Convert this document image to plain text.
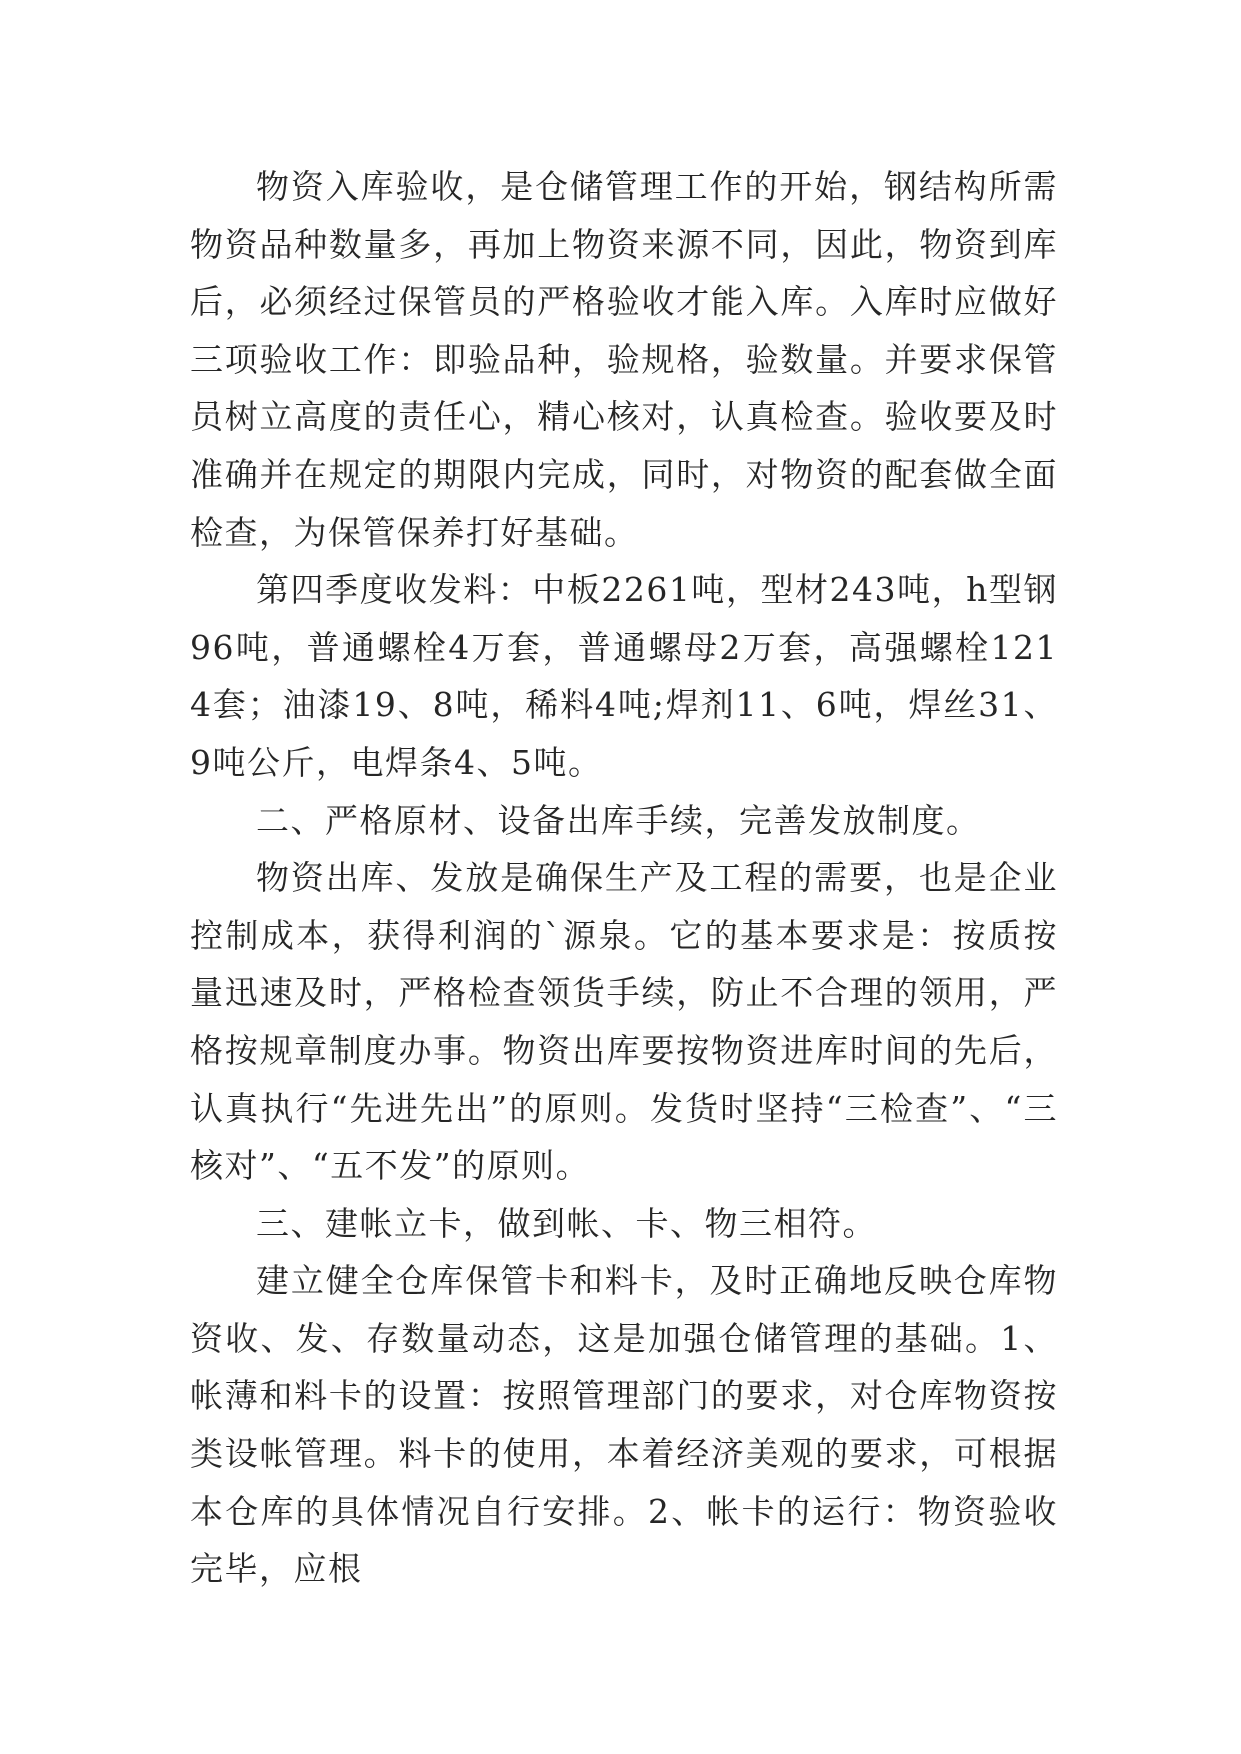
物资入库验收，是仓储管理工作的开始，钢结构所需物资品种数量多，再加上物资来源不同，因此，物资到库后，必须经过保管员的严格验收才能入库。入库时应做好三项验收工作：即验品种，验规格，验数量。并要求保管员树立高度的责任心，精心核对，认真检查。验收要及时准确并在规定的期限内完成，同时，对物资的配套做全面检查，为保管保养打好基础。

第四季度收发料：中板2261吨，型材243吨，h型钢96吨，普通螺栓4万套，普通螺母2万套，高强螺栓1214套；油漆19、8吨，稀料4吨;焊剂11、6吨，焊丝31、9吨公斤，电焊条4、5吨。

二、严格原材、设备出库手续，完善发放制度。

物资出库、发放是确保生产及工程的需要，也是企业控制成本，获得利润的`源泉。它的基本要求是：按质按量迅速及时，严格检查领货手续，防止不合理的领用，严格按规章制度办事。物资出库要按物资进库时间的先后，认真执行“先进先出”的原则。发货时坚持“三检查”、“三核对”、“五不发”的原则。

三、建帐立卡，做到帐、卡、物三相符。

建立健全仓库保管卡和料卡，及时正确地反映仓库物资收、发、存数量动态，这是加强仓储管理的基础。1、帐薄和料卡的设置：按照管理部门的要求，对仓库物资按类设帐管理。料卡的使用，本着经济美观的要求，可根据本仓库的具体情况自行安排。2、帐卡的运行：物资验收完毕，应根
